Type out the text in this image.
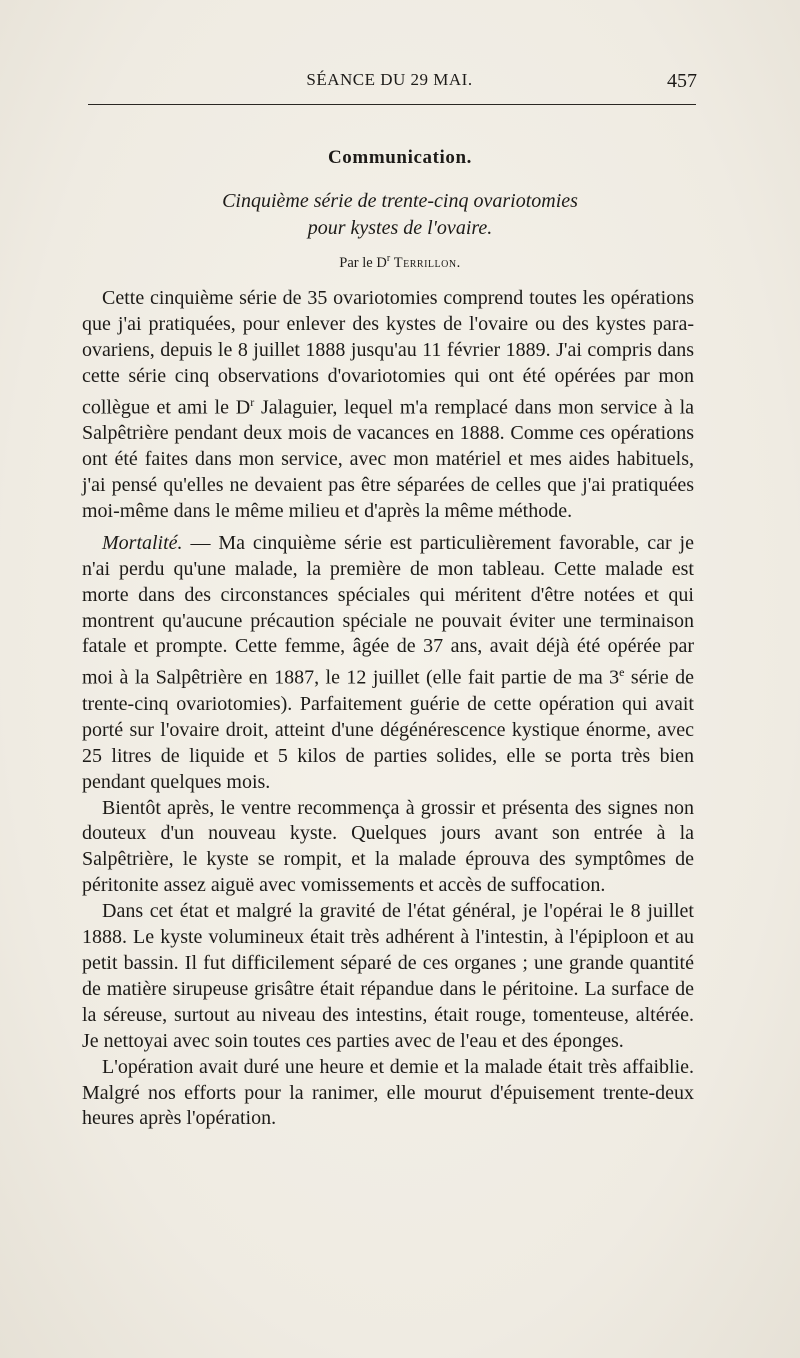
SÉANCE DU 29 MAI.	457
Communication.
Cinquième série de trente-cinq ovariotomies
pour kystes de l'ovaire.
Par le $D^r$ Terrillon.

Cette cinquième série de 35 ovariotomies comprend toutes les opérations que j'ai pratiquées, pour enlever des kystes de l'ovaire ou des kystes para-ovariens, depuis le 8 juillet 1888 jusqu'au 11 février 1889. J'ai compris dans cette série cinq observations d'ovariotomies qui ont été opérées par mon collègue et ami le $D^r$ Jalaguier, lequel m'a remplacé dans mon service à la Salpêtrière pendant deux mois de vacances en 1888. Comme ces opérations ont été faites dans mon service, avec mon matériel et mes aides habituels, j'ai pensé qu'elles ne devaient pas être séparées de celles que j'ai pratiquées moi-même dans le même milieu et d'après la même méthode.

Mortalité. — Ma cinquième série est particulièrement favorable, car je n'ai perdu qu'une malade, la première de mon tableau. Cette malade est morte dans des circonstances spéciales qui méritent d'être notées et qui montrent qu'aucune précaution spéciale ne pouvait éviter une terminaison fatale et prompte. Cette femme, âgée de 37 ans, avait déjà été opérée par moi à la Salpêtrière en 1887, le 12 juillet (elle fait partie de ma 3e série de trente-cinq ovariotomies). Parfaitement guérie de cette opération qui avait porté sur l'ovaire droit, atteint d'une dégénérescence kystique énorme, avec 25 litres de liquide et 5 kilos de parties solides, elle se porta très bien pendant quelques mois.

Bientôt après, le ventre recommença à grossir et présenta des signes non douteux d'un nouveau kyste. Quelques jours avant son entrée à la Salpêtrière, le kyste se rompit, et la malade éprouva des symptômes de péritonite assez aiguë avec vomissements et accès de suffocation.

Dans cet état et malgré la gravité de l'état général, je l'opérai le 8 juillet 1888. Le kyste volumineux était très adhérent à l'intestin, à l'épiploon et au petit bassin. Il fut difficilement séparé de ces organes ; une grande quantité de matière sirupeuse grisâtre était répandue dans le péritoine. La surface de la séreuse, surtout au niveau des intestins, était rouge, tomenteuse, altérée. Je nettoyai avec soin toutes ces parties avec de l'eau et des éponges.

L'opération avait duré une heure et demie et la malade était très affaiblie. Malgré nos efforts pour la ranimer, elle mourut d'épuisement trente-deux heures après l'opération.
